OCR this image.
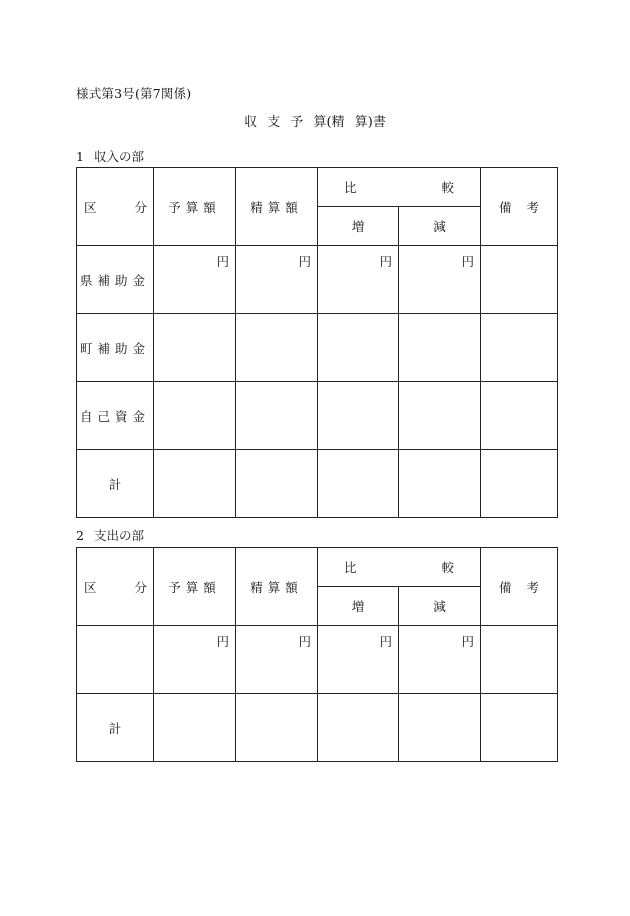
様式第3号(第7関係)
収 支 予 算(精 算)書
1 収入の部
区 分	予算額	精算額	比 較		備 考

			増	減	
県補助金	円	円	円	円	
町補助金					
自己資金					
計					
2 支出の部
区 分	予算額	精算額	比 較		備 考

			増	減	
	円	円	円	円	
計					
